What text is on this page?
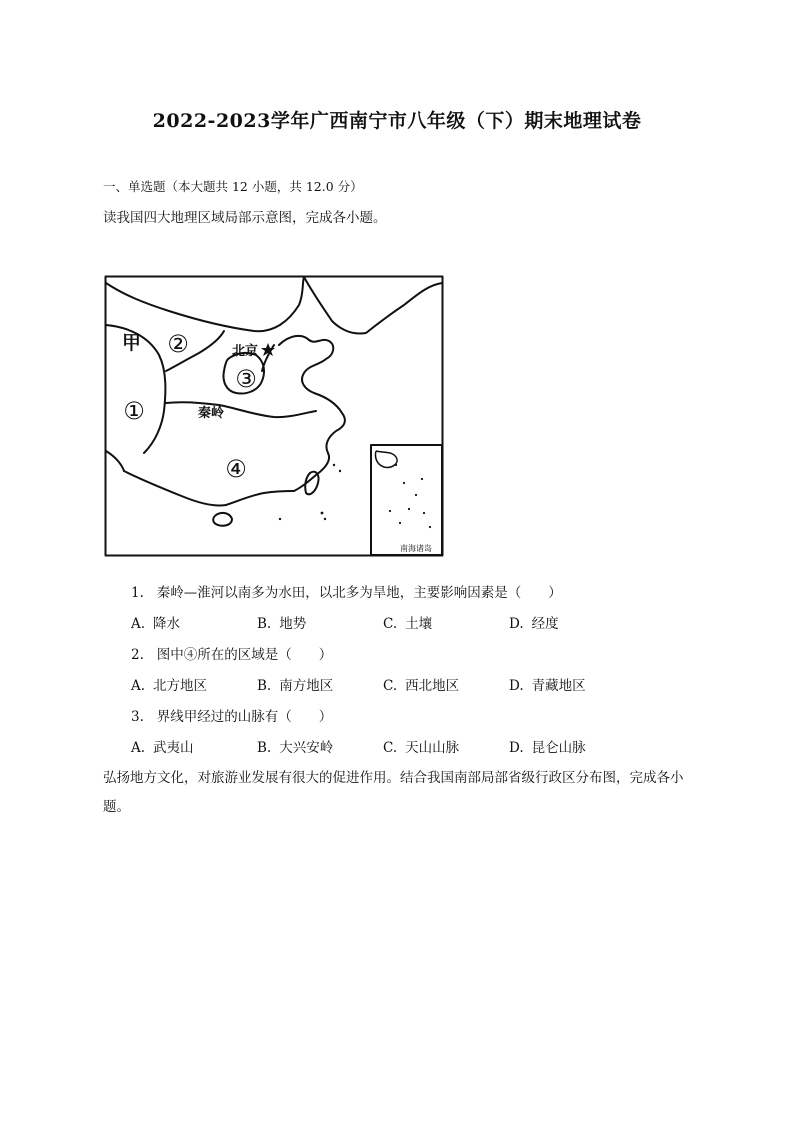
2022-2023学年广西南宁市八年级（下）期末地理试卷
一、单选题（本大题共 12 小题，共 12.0 分）
读我国四大地理区域局部示意图，完成各小题。
①
②
③
④
甲	北京
秦岭
南海诸岛
1. 秦岭—淮河以南多为水田，以北多为旱地，主要影响因素是（　　）
A. 降水	B. 地势	C. 土壤	D. 经度
2. 图中④所在的区域是（　　）
A. 北方地区	B. 南方地区	C. 西北地区	D. 青藏地区
3. 界线甲经过的山脉有（　　）
A. 武夷山	B. 大兴安岭	C. 天山山脉	D. 昆仑山脉
弘扬地方文化，对旅游业发展有很大的促进作用。结合我国南部局部省级行政区分布图，完成各小题。
